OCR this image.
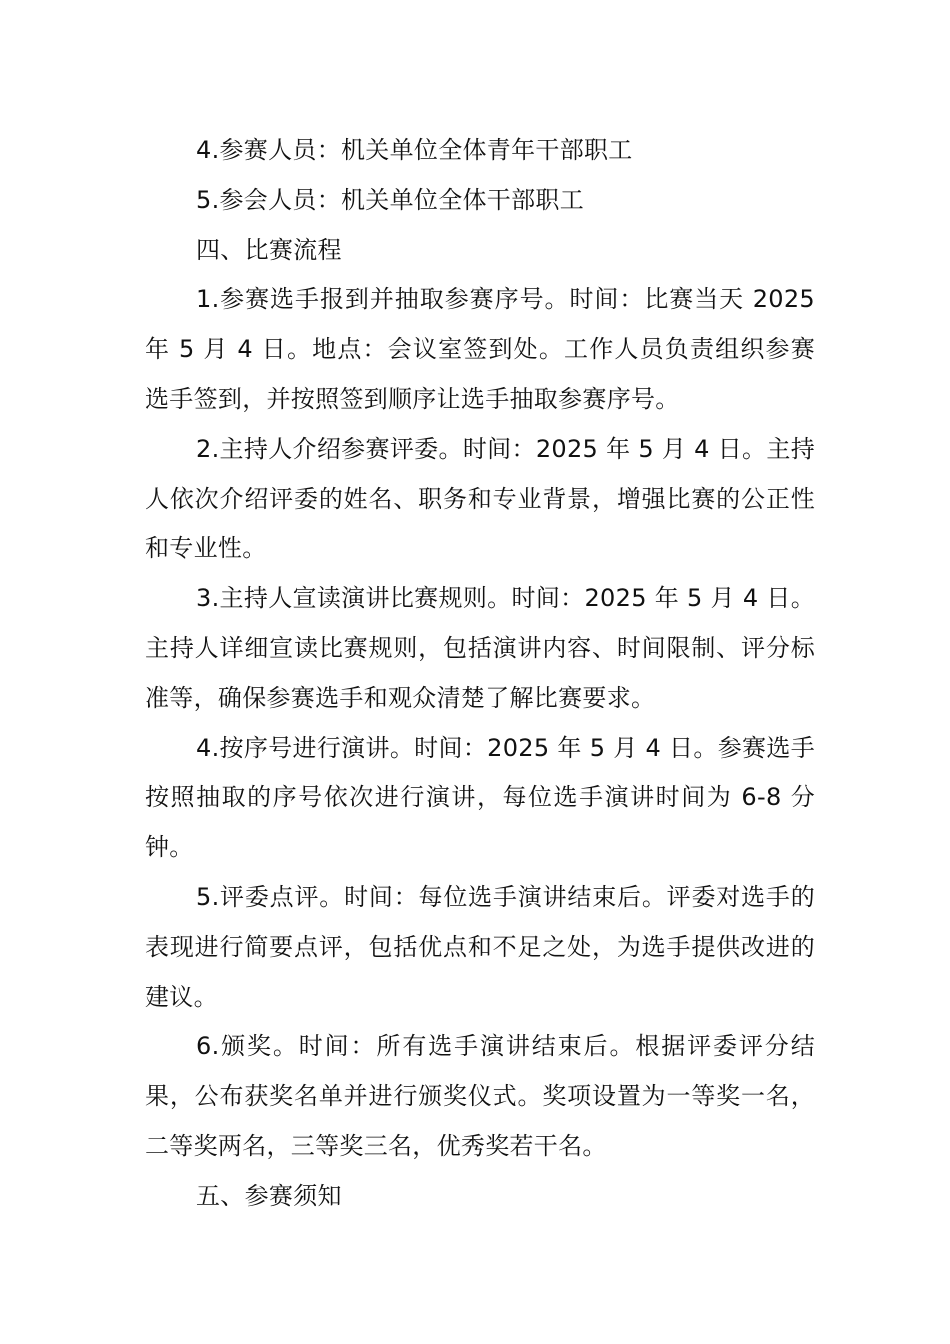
4.参赛人员：机关单位全体青年干部职工

5.参会人员：机关单位全体干部职工

四、比赛流程

1.参赛选手报到并抽取参赛序号。时间：比赛当天 2025 年 5 月 4 日。地点：会议室签到处。工作人员负责组织参赛选手签到，并按照签到顺序让选手抽取参赛序号。

2.主持人介绍参赛评委。时间：2025 年 5 月 4 日。主持人依次介绍评委的姓名、职务和专业背景，增强比赛的公正性和专业性。

3.主持人宣读演讲比赛规则。时间：2025 年 5 月 4 日。主持人详细宣读比赛规则，包括演讲内容、时间限制、评分标准等，确保参赛选手和观众清楚了解比赛要求。

4.按序号进行演讲。时间：2025 年 5 月 4 日。参赛选手按照抽取的序号依次进行演讲，每位选手演讲时间为 6-8 分钟。

5.评委点评。时间：每位选手演讲结束后。评委对选手的表现进行简要点评，包括优点和不足之处，为选手提供改进的建议。

6.颁奖。时间：所有选手演讲结束后。根据评委评分结果，公布获奖名单并进行颁奖仪式。奖项设置为一等奖一名，二等奖两名，三等奖三名，优秀奖若干名。

五、参赛须知
